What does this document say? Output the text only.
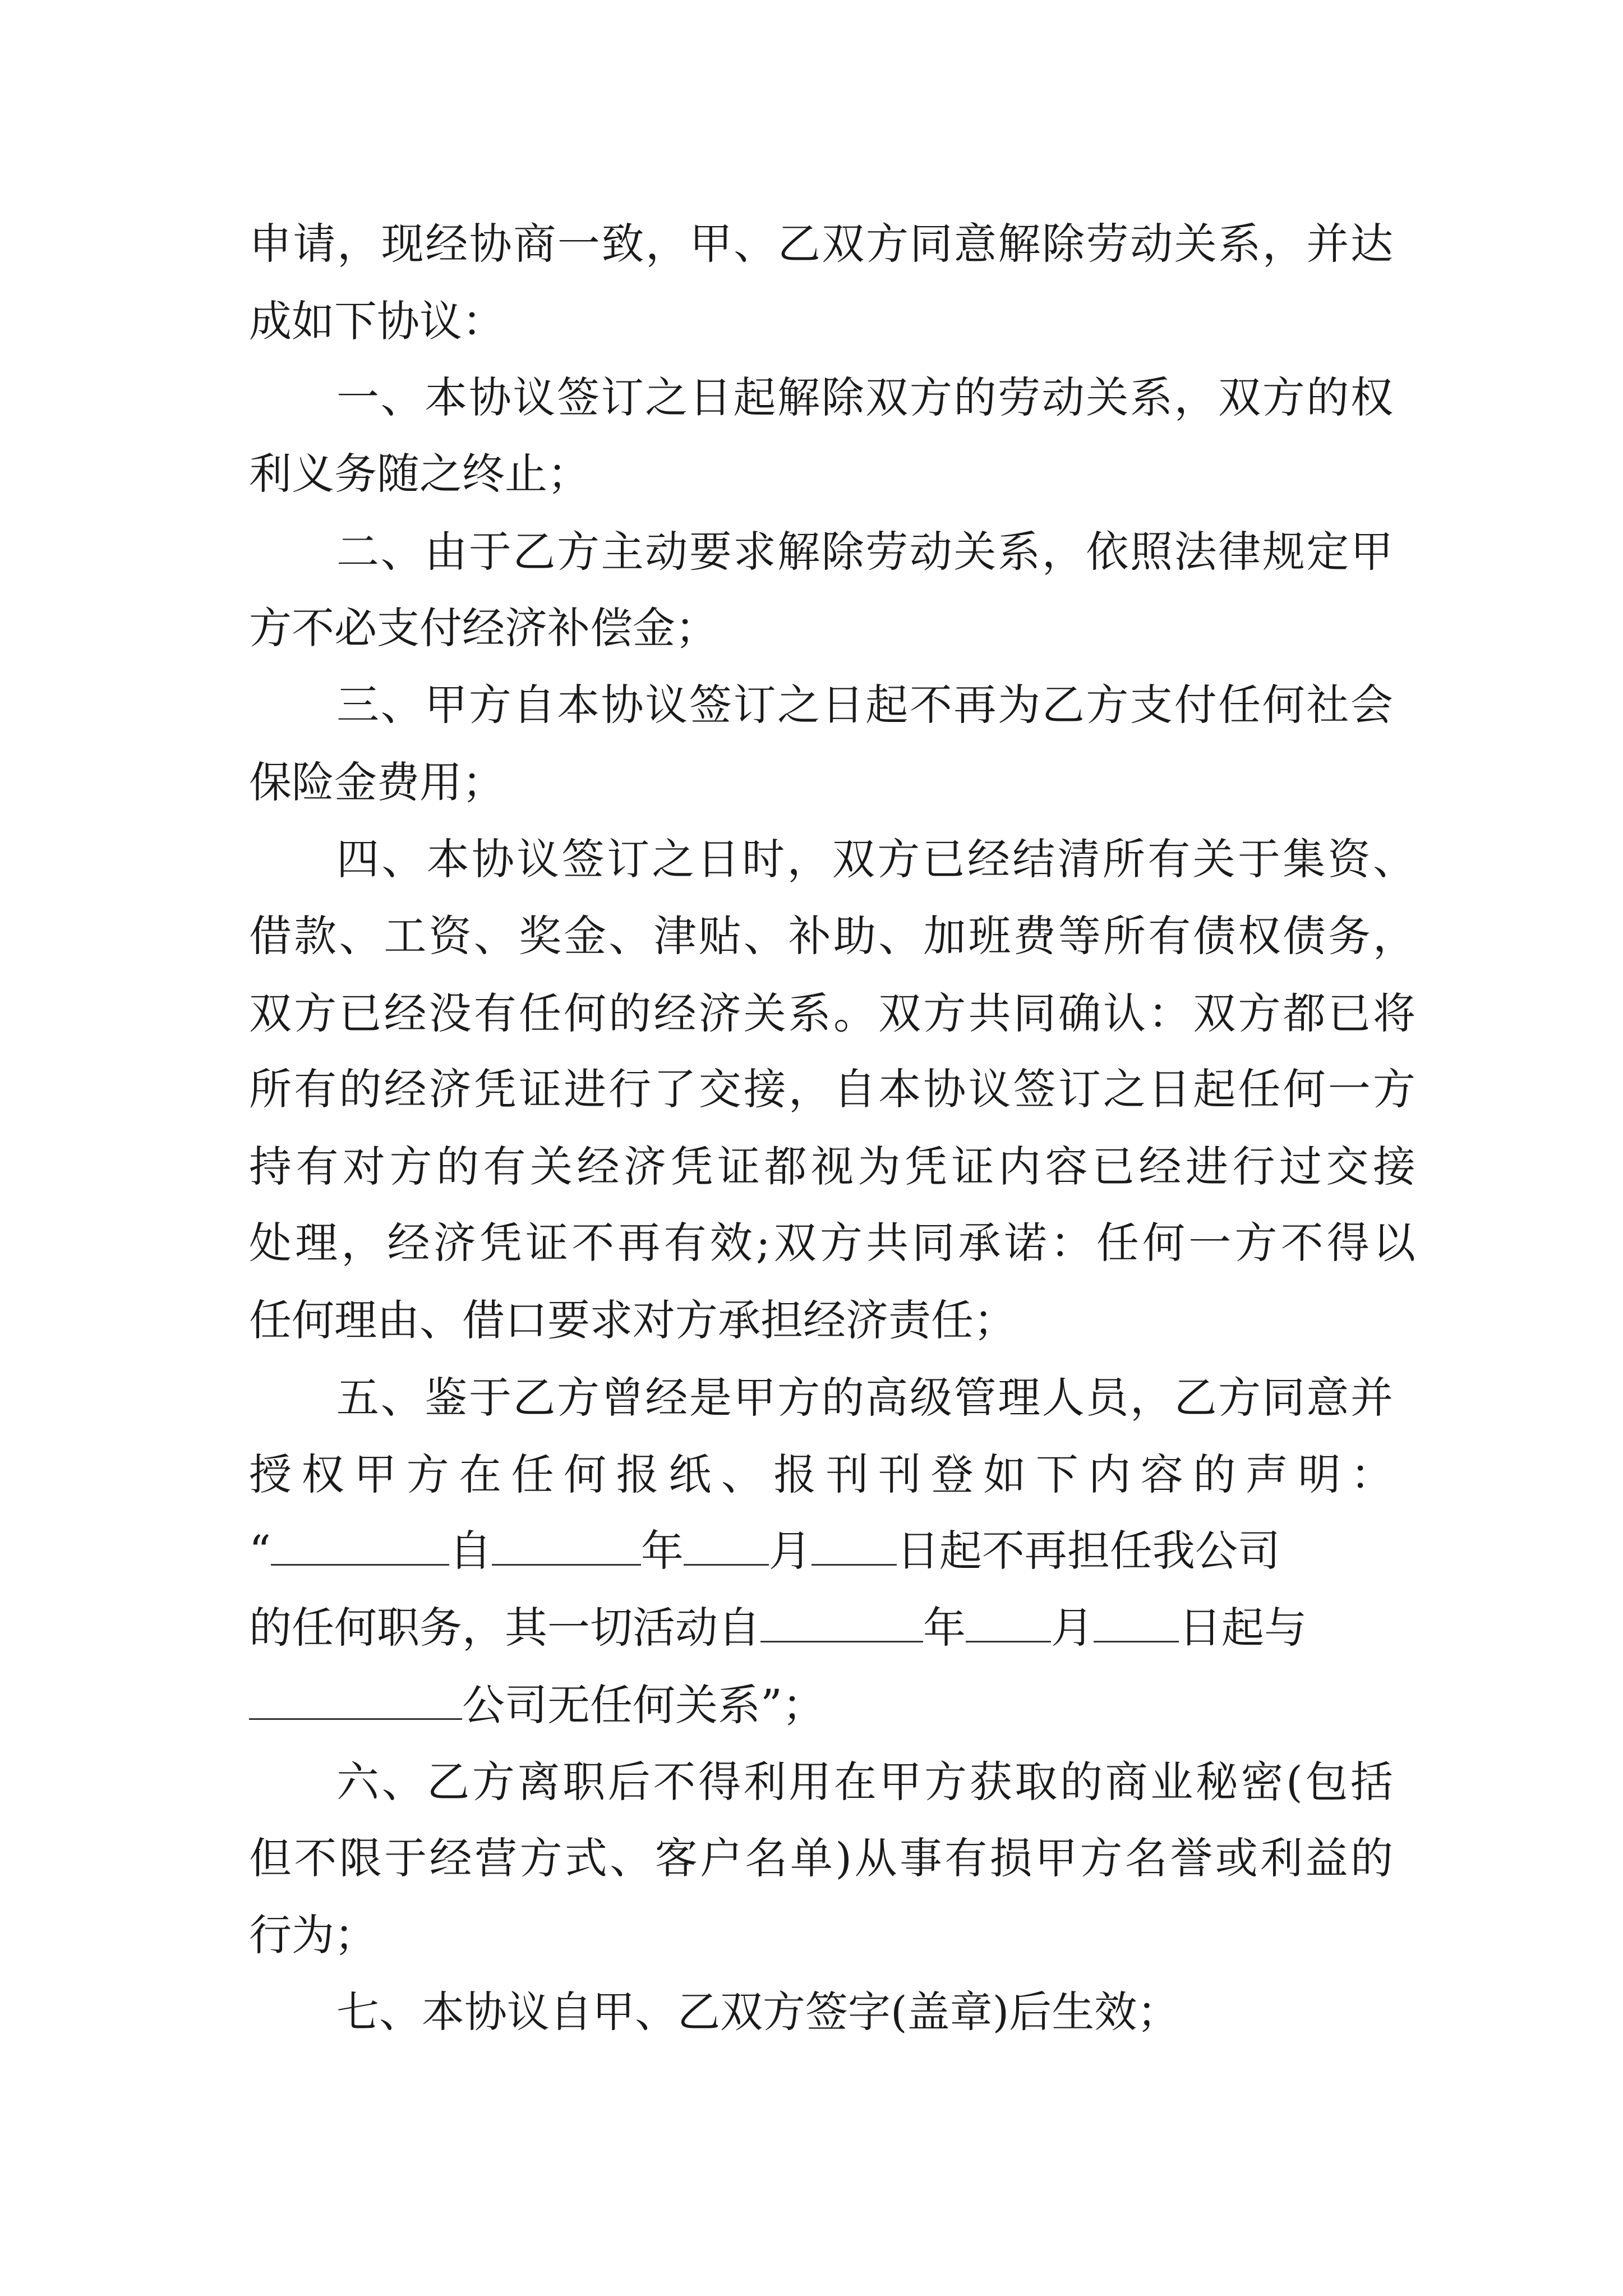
申请，现经协商一致，甲、乙双方同意解除劳动关系，并达
成如下协议：
一、本协议签订之日起解除双方的劳动关系，双方的权
利义务随之终止；
二、由于乙方主动要求解除劳动关系，依照法律规定甲
方不必支付经济补偿金；
三、甲方自本协议签订之日起不再为乙方支付任何社会
保险金费用；
四、本协议签订之日时，双方已经结清所有关于集资、
借款、工资、奖金、津贴、补助、加班费等所有债权债务，
双方已经没有任何的经济关系。双方共同确认：双方都已将
所有的经济凭证进行了交接，自本协议签订之日起任何一方
持有对方的有关经济凭证都视为凭证内容已经进行过交接
处理，经济凭证不再有效;双方共同承诺：任何一方不得以
任何理由、借口要求对方承担经济责任；
五、鉴于乙方曾经是甲方的高级管理人员，乙方同意并
授权甲方在任何报纸、报刊刊登如下内容的声明：
“	自	年 月 日起不再担任我公司
的任何职务，其一切活动自	年 月 日起与
公司无任何关系”；
六、乙方离职后不得利用在甲方获取的商业秘密(包括
但不限于经营方式、客户名单)从事有损甲方名誉或利益的
行为；
七、本协议自甲、乙双方签字(盖章)后生效；
